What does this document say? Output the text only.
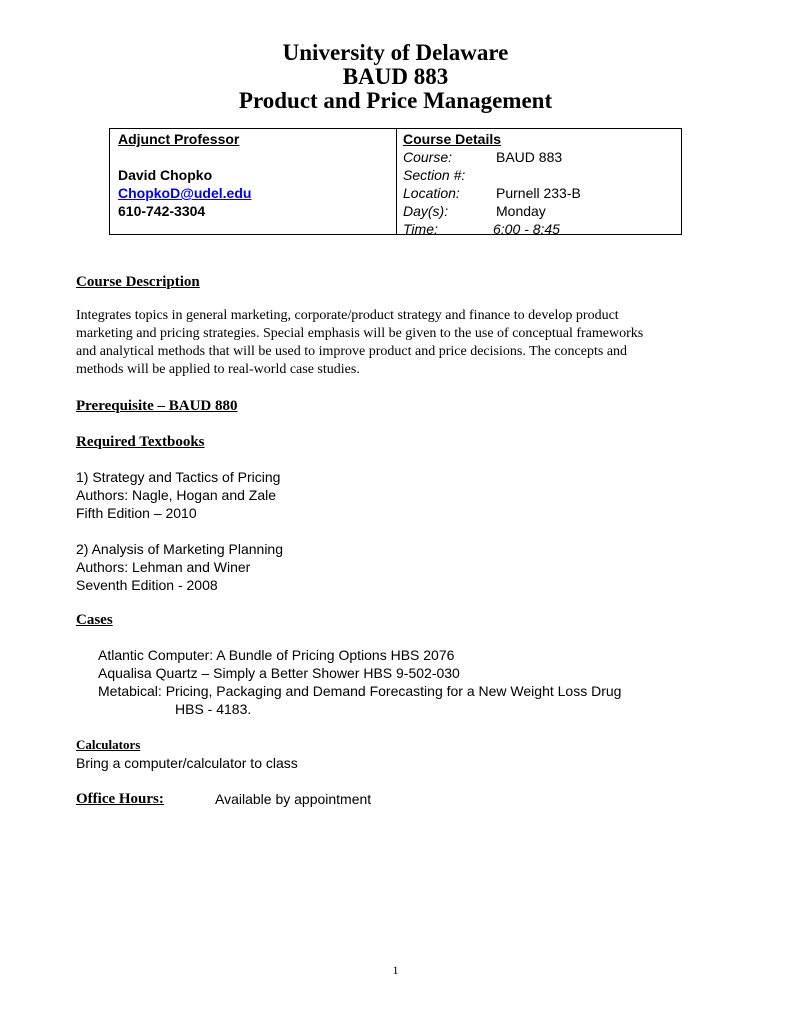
University of Delaware
BAUD 883
Product and Price Management
Adjunct Professor
David Chopko
ChopkoD@udel.edu
610-742-3304
Course Details
Course:	BAUD 883
Section #:
Location:	Purnell 233-B
Day(s):	Monday
Time:	6:00 - 8:45
Course Description
Integrates topics in general marketing, corporate/product strategy and finance to develop product
marketing and pricing strategies. Special emphasis will be given to the use of conceptual frameworks
and analytical methods that will be used to improve product and price decisions. The concepts and
methods will be applied to real-world case studies.
Prerequisite – BAUD 880
Required Textbooks
1) Strategy and Tactics of Pricing
Authors: Nagle, Hogan and Zale
Fifth Edition – 2010
2) Analysis of Marketing Planning
Authors: Lehman and Winer
Seventh Edition - 2008
Cases
Atlantic Computer: A Bundle of Pricing Options HBS 2076
Aqualisa Quartz – Simply a Better Shower HBS 9-502-030
Metabical: Pricing, Packaging and Demand Forecasting for a New Weight Loss Drug
HBS - 4183.
Calculators
Bring a computer/calculator to class
Office Hours:	Available by appointment
1
